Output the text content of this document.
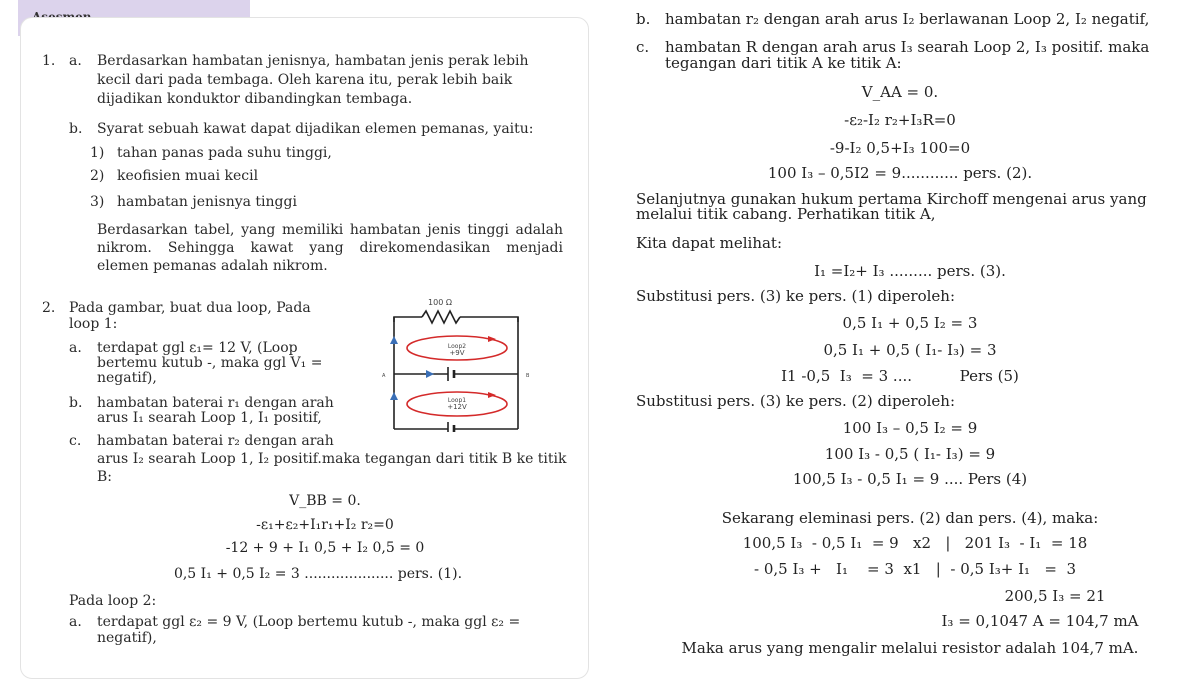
1. a. Berdasarkan hambatan jenisnya, hambatan jenis perak lebih
kecil dari pada tembaga. Oleh karena itu, perak lebih baik
dijadikan konduktor dibandingkan tembaga.
b. Syarat sebuah kawat dapat dijadikan elemen pemanas, yaitu:
1) tahan panas pada suhu tinggi,
2) keofisien muai kecil
3) hambatan jenisnya tinggi
Berdasarkan tabel, yang memiliki hambatan jenis tinggi adalah
nikrom. Sehingga kawat yang direkomendasikan menjadi
elemen pemanas adalah nikrom.
2. Pada gambar, buat dua loop, Pada
loop 1:
a. terdapat ggl ε₁= 12 V, (Loop
bertemu kutub -, maka ggl V₁ =
negatif),
b. hambatan baterai r₁ dengan arah
arus I₁ searah Loop 1, I₁ positif,
c. hambatan baterai r₂ dengan arah
arus I₂ searah Loop 1, I₂ positif.maka tegangan dari titik B ke titik
B:
V_BB = 0.
-ε₁+ε₂+I₁r₁+I₂ r₂=0
-12 + 9 + I₁ 0,5 + I₂ 0,5 = 0
0,5 I₁ + 0,5 I₂ = 3 .................... pers. (1).
Pada loop 2:
a. terdapat ggl ε₂ = 9 V, (Loop bertemu kutub -, maka ggl ε₂ =
negatif),
100 Ω
Loop2
+9V
Loop1
+12V
A	B
b. hambatan r₂ dengan arah arus I₂ berlawanan Loop 2, I₂ negatif,
c. hambatan R dengan arah arus I₃ searah Loop 2, I₃ positif. maka
tegangan dari titik A ke titik A:
V_AA = 0.
-ε₂-I₂ r₂+I₃R=0
-9-I₂ 0,5+I₃ 100=0
100 I₃ – 0,5I2 = 9............ pers. (2).
Selanjutnya gunakan hukum pertama Kirchoff mengenai arus yang
melalui titik cabang. Perhatikan titik A,
Kita dapat melihat:
I₁ =I₂+ I₃ ......... pers. (3).
Substitusi pers. (3) ke pers. (1) diperoleh:
0,5 I₁ + 0,5 I₂ = 3
0,5 I₁ + 0,5 ( I₁- I₃) = 3
I1 -0,5  I₃  = 3 ....          Pers (5)
Substitusi pers. (3) ke pers. (2) diperoleh:
100 I₃ – 0,5 I₂ = 9
100 I₃ - 0,5 ( I₁- I₃) = 9
100,5 I₃ - 0,5 I₁ = 9 .... Pers (4)
Sekarang eleminasi pers. (2) dan pers. (4), maka:
100,5 I₃  - 0,5 I₁  = 9   x2   |   201 I₃  - I₁  = 18
- 0,5 I₃ +   I₁    = 3  x1   |  - 0,5 I₃+ I₁   =  3
200,5 I₃ = 21
I₃ = 0,1047 A = 104,7 mA
Maka arus yang mengalir melalui resistor adalah 104,7 mA.
